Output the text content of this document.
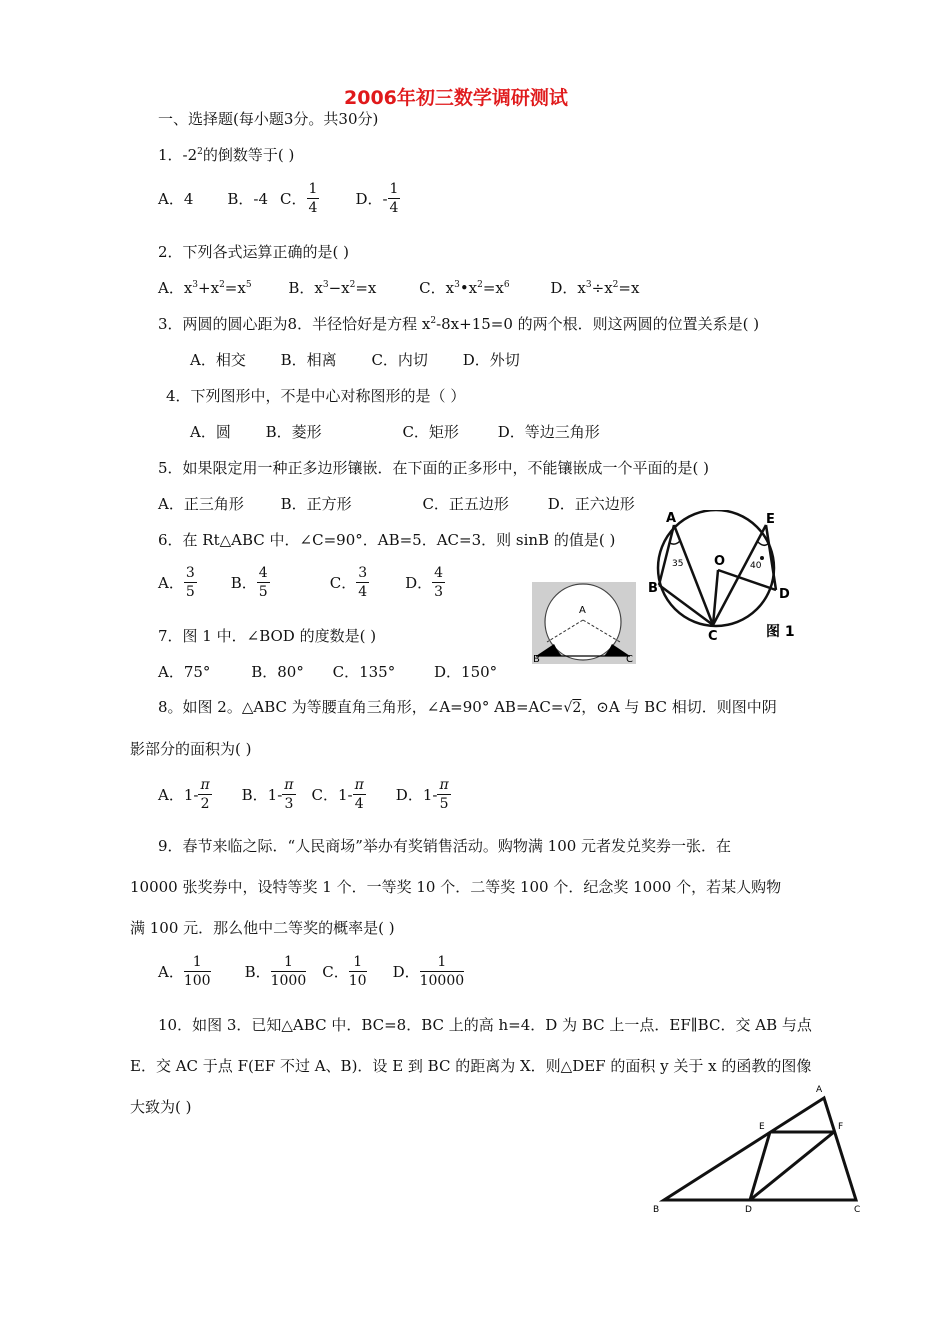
2006年初三数学调研测试
一、选择题(每小题3分。共30分)
1．$-2^2$的倒数等于( )
A．4 B．-4 C． $\frac{1}{4}$ D．- $\frac{1}{4}$
2．下列各式运算正确的是( )
A．$x^3+x^2=x^5$ B．$x^3-x^2=x$	C．$x^3•x^2=x^6$	D．$x^3\div x^2=x$
3．两圆的圆心距为8．半径恰好是方程 $x^2-8x+15=0$ 的两个根．则这两圆的位置关系是( )
A．相交 B．相离 C．内切 D．外切
4．下列图形中，不是中心对称图形的是（ ）
A．圆 B．菱形	C．矩形	D．等边三角形
5．如果限定用一种正多边形镶嵌．在下面的正多形中，不能镶嵌成一个平面的是( )
A．正三角形 B．正方形	C．正五边形	D．正六边形
6．在 Rt△ABC 中．∠C=90°．AB=5．AC=3．则 sinB 的值是( )
A． $\frac{3}{5}$ B． $\frac{4}{5}$	C． $\frac{3}{4}$ D． $\frac{4}{3}$
7．图 1 中．∠BOD 的度数是( )
A．75°	B．80° C．135°	D．150°
8。如图 2。△ABC 为等腰直角三角形，∠A=90° AB=AC=√2，⊙A 与 BC 相切．则图中阴
影部分的面积为( )
A．$1- \frac{\pi}{2}$ B．$1- \frac{\pi}{3}$ C．$1- \frac{\pi}{4}$ D．$1- \frac{\pi}{5}$
9．春节来临之际．“人民商场”举办有奖销售活动。购物满 100 元者发兑奖券一张．在
10000 张奖券中，设特等奖 1 个．一等奖 10 个．二等奖 100 个．纪念奖 1000 个，若某人购物
满 100 元．那么他中二等奖的概率是( )
A． $\frac{1}{100}$ B． $\frac{1}{1000}$ C． $\frac{1}{10}$ D． $\frac{1}{10000}$
10．如图 3．已知△ABC 中．BC=8．BC 上的高 h=4．D 为 BC 上一点．EF∥BC．交 AB 与点
E．交 AC 于点 F(EF 不过 A、B)．设 E 到 BC 的距离为 X．则△DEF 的面积 y 关于 x 的函教的图像
大致为( )
A	E
B	D
C
O
35	40
图 1
A
B	C
A
E	F
B	D	C
